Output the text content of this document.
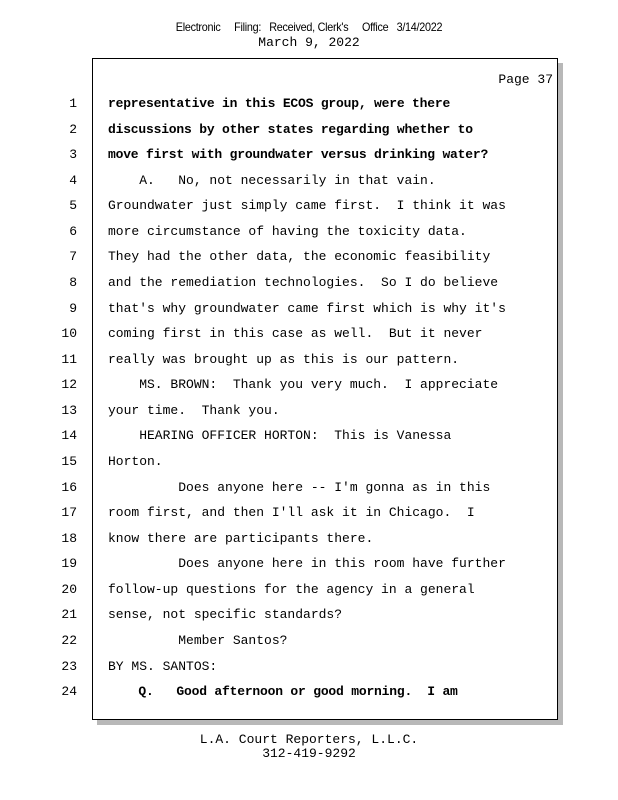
Electronic     Filing:   Received, Clerk's     Office   3/14/2022
March 9, 2022
Page 37
1 representative in this ECOS group, were there
2 discussions by other states regarding whether to
3 move first with groundwater versus drinking water?
4 A.   No, not necessarily in that vain.
5 Groundwater just simply came first.  I think it was
6 more circumstance of having the toxicity data.
7 They had the other data, the economic feasibility
8 and the remediation technologies.  So I do believe
9 that's why groundwater came first which is why it's
10 coming first in this case as well.  But it never
11 really was brought up as this is our pattern.
12 MS. BROWN:  Thank you very much.  I appreciate
13 your time.  Thank you.
14 HEARING OFFICER HORTON:  This is Vanessa
15 Horton.
16 Does anyone here -- I'm gonna as in this
17 room first, and then I'll ask it in Chicago.  I
18 know there are participants there.
19 Does anyone here in this room have further
20 follow-up questions for the agency in a general
21 sense, not specific standards?
22 Member Santos?
23 BY MS. SANTOS:
24 Q.   Good afternoon or good morning.  I am
L.A. Court Reporters, L.L.C.
312-419-9292
